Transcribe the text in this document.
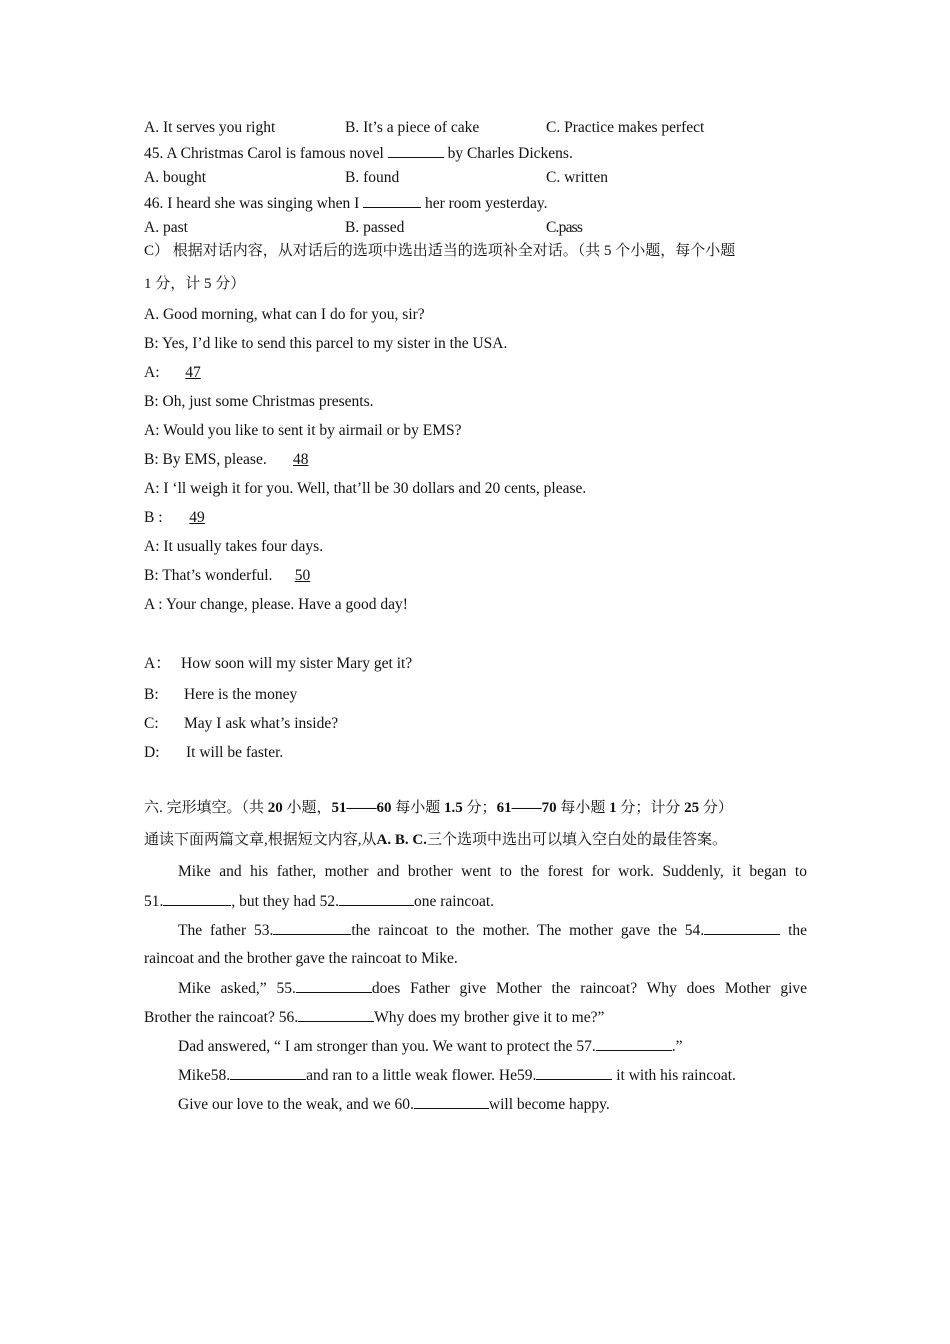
A. It serves you right	B. It’s a piece of cake	C. Practice makes perfect
45. A Christmas Carol is famous novel	by Charles Dickens.
A. bought	B. found	C. written
46. I heard she was singing when I	her room yesterday.
A. past	B. passed	C.pass
C） 根据对话内容，从对话后的选项中选出适当的选项补全对话。（共 5 个小题，每个小题
1 分，计 5 分）
A. Good morning, what can I do for you, sir?
B: Yes, I’d like to send this parcel to my sister in the USA.
A: 47
B: Oh, just some Christmas presents.
A: Would you like to sent it by airmail or by EMS?
B: By EMS, please. 48
A: I ‘ll weigh it for you. Well, that’ll be 30 dollars and 20 cents, please.
B : 49
A: It usually takes four days.
B: That’s wonderful. 50
A : Your change, please. Have a good day!
A： How soon will my sister Mary get it?
B: Here is the money
C: May I ask what’s inside?
D: It will be faster.
六. 完形填空。（共 20 小题，51——60 每小题 1.5 分；61——70 每小题 1 分；计分 25 分）
通读下面两篇文章,根据短文内容,从A. B. C.三个选项中选出可以填入空白处的最佳答案。
Mike and his father, mother and brother went to the forest for work. Suddenly, it began to
51.	, but they had 52.	one raincoat.
The father 53.	the raincoat to the mother. The mother gave the 54.	the
raincoat and the brother gave the raincoat to Mike.
Mike asked,” 55.	does Father give Mother the raincoat? Why does Mother give
Brother the raincoat? 56.	Why does my brother give it to me?”
Dad answered, “ I am stronger than you. We want to protect the 57.	.”
Mike58.	and ran to a little weak flower. He59.	it with his raincoat.
Give our love to the weak, and we 60.	will become happy.
